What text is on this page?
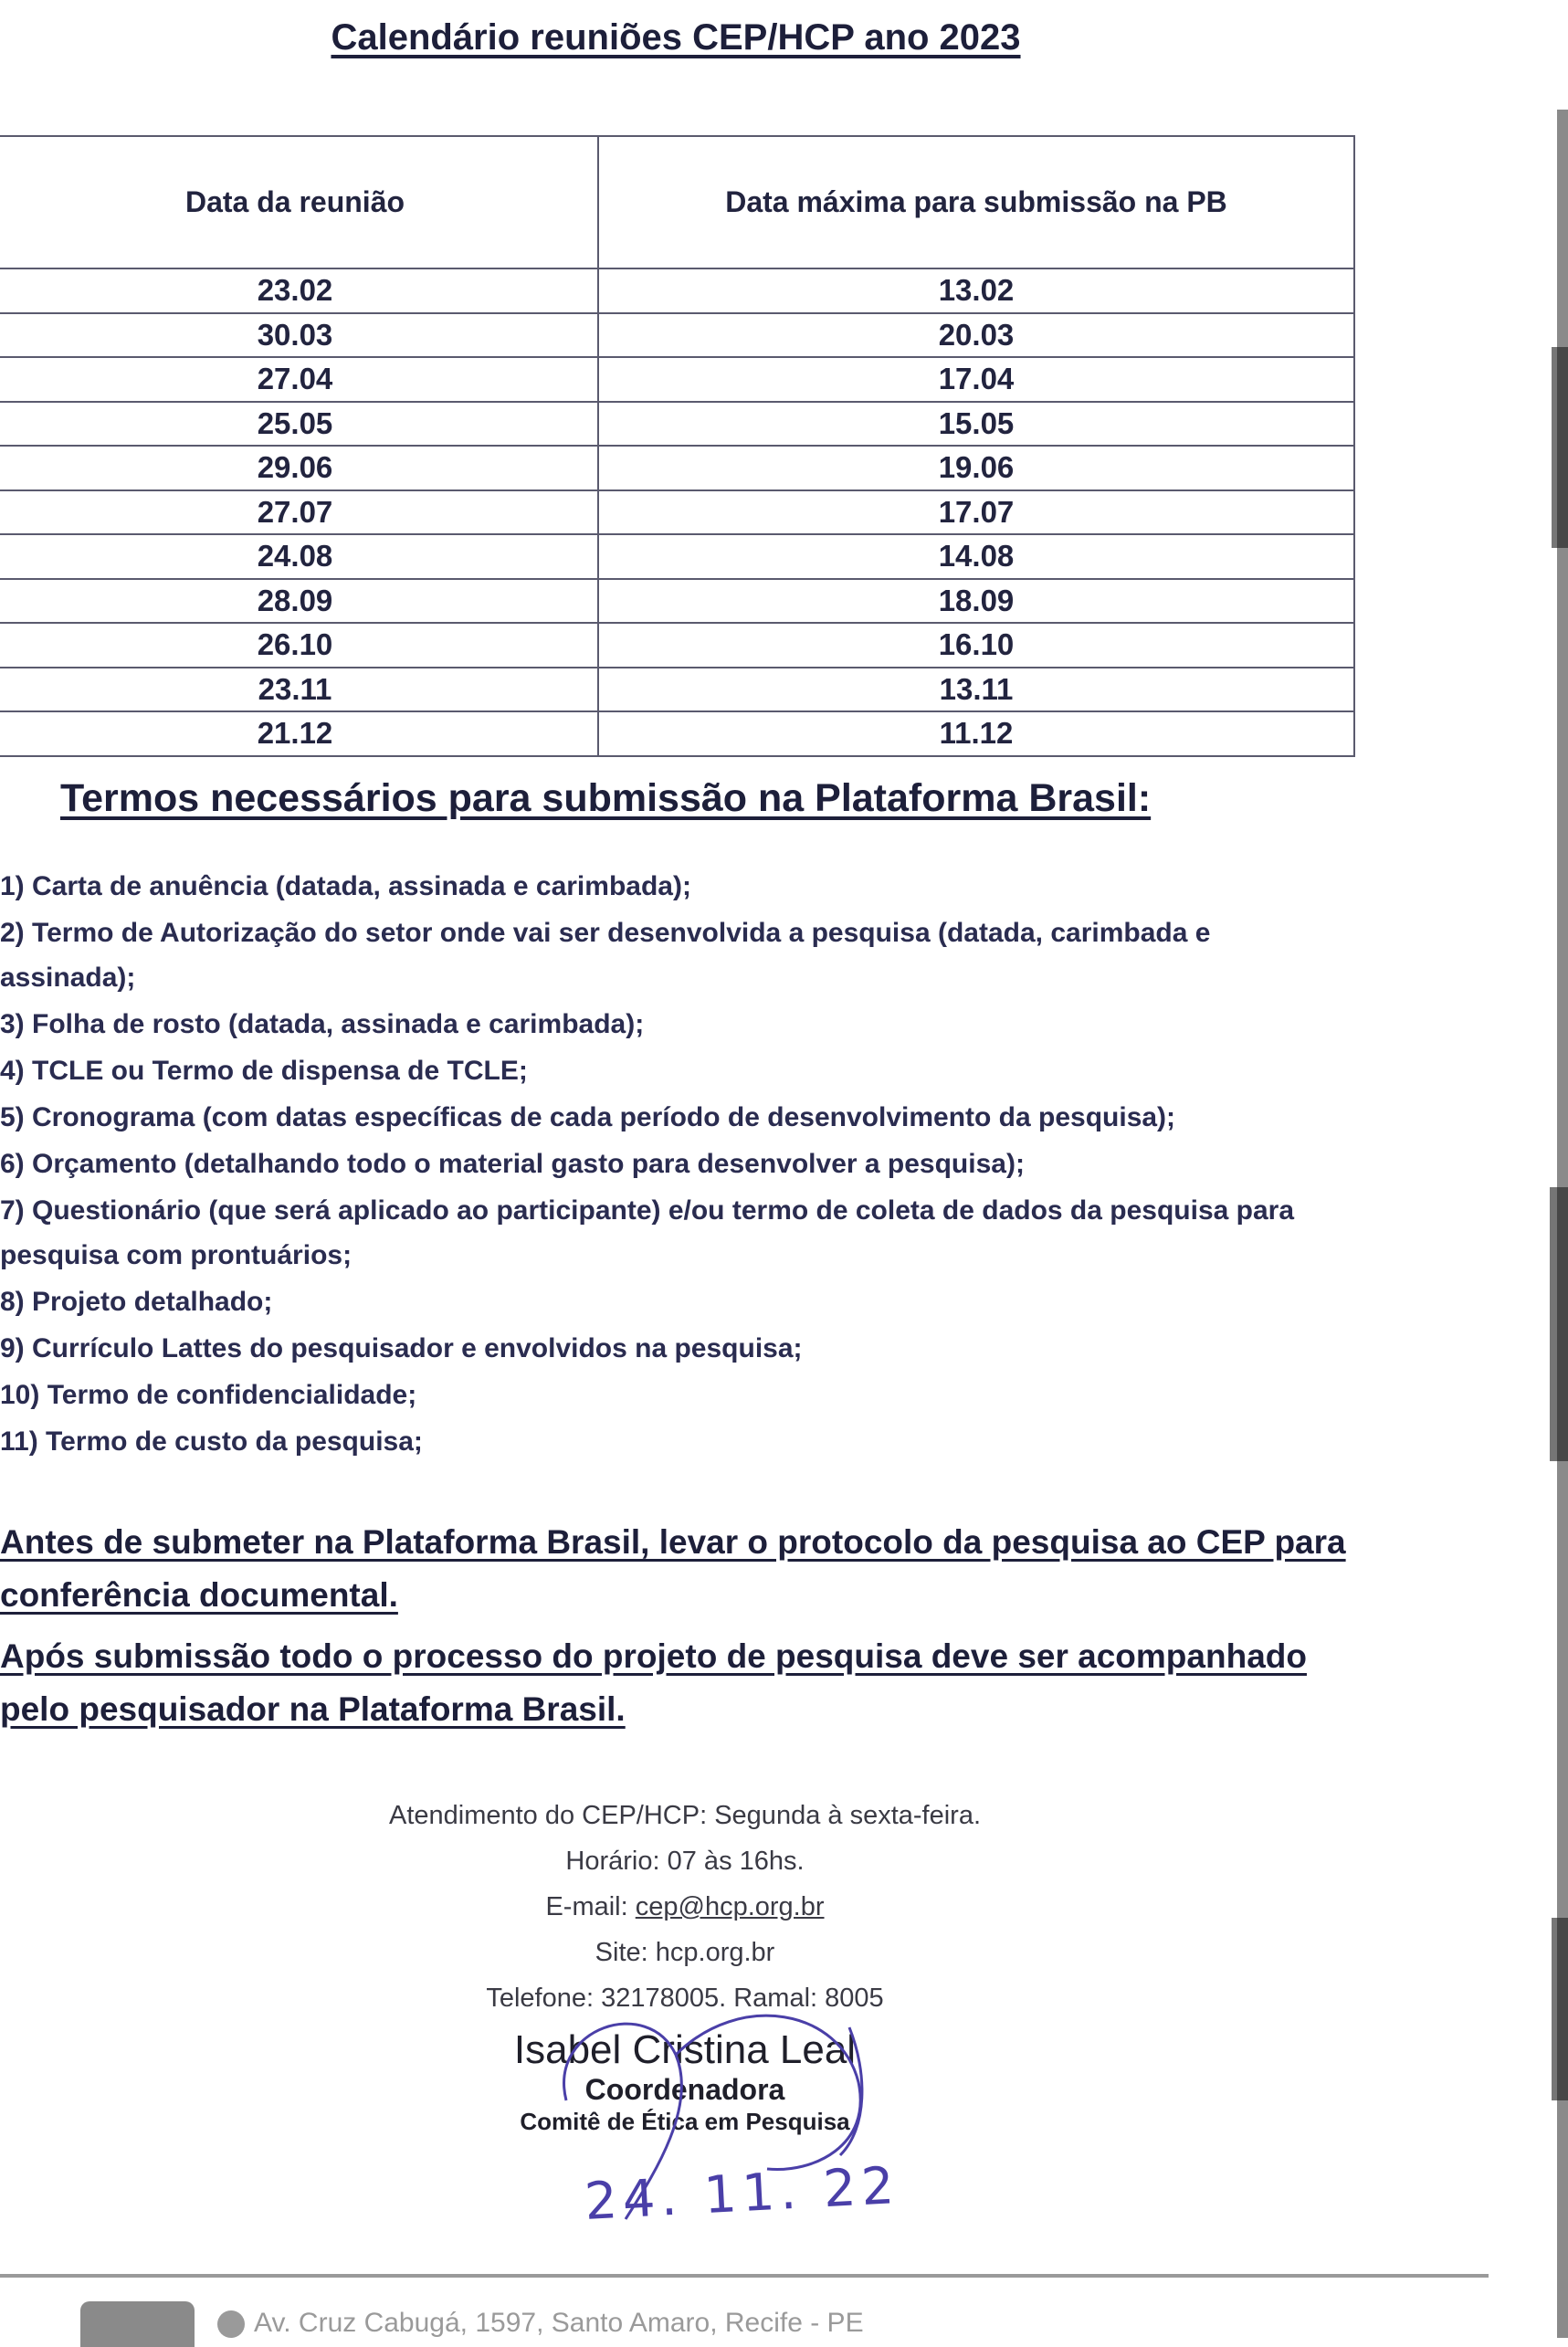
Calendário reuniões CEP/HCP ano 2023
Data da reunião	Data máxima para submissão na PB
23.02	13.02
30.03	20.03
27.04	17.04
25.05	15.05
29.06	19.06
27.07	17.07
24.08	14.08
28.09	18.09
26.10	16.10
23.11	13.11
21.12	11.12
Termos necessários para submissão na Plataforma Brasil:
1) Carta de anuência (datada, assinada e carimbada);
2) Termo de Autorização do setor onde vai ser desenvolvida a pesquisa (datada, carimbada e assinada);
3) Folha de rosto (datada, assinada e carimbada);
4) TCLE ou Termo de dispensa de TCLE;
5) Cronograma (com datas específicas de cada período de desenvolvimento da pesquisa);
6) Orçamento (detalhando todo o material gasto para desenvolver a pesquisa);
7) Questionário (que será aplicado ao participante) e/ou termo de coleta de dados da pesquisa para pesquisa com prontuários;
8) Projeto detalhado;
9) Currículo Lattes do pesquisador e envolvidos na pesquisa;
10) Termo de confidencialidade;
11) Termo de custo da pesquisa;

Antes de submeter na Plataforma Brasil, levar o protocolo da pesquisa ao CEP para conferência documental.

Após submissão todo o processo do projeto de pesquisa deve ser acompanhado pelo pesquisador na Plataforma Brasil.

Atendimento do CEP/HCP: Segunda à sexta-feira.
Horário: 07 às 16hs.
E-mail: cep@hcp.org.br
Site: hcp.org.br
Telefone: 32178005. Ramal: 8005
Isabel Cristina Leal
Coordenadora
Comitê de Ética em Pesquisa
24. 11. 22
Av. Cruz Cabugá, 1597, Santo Amaro, Recife - PE
